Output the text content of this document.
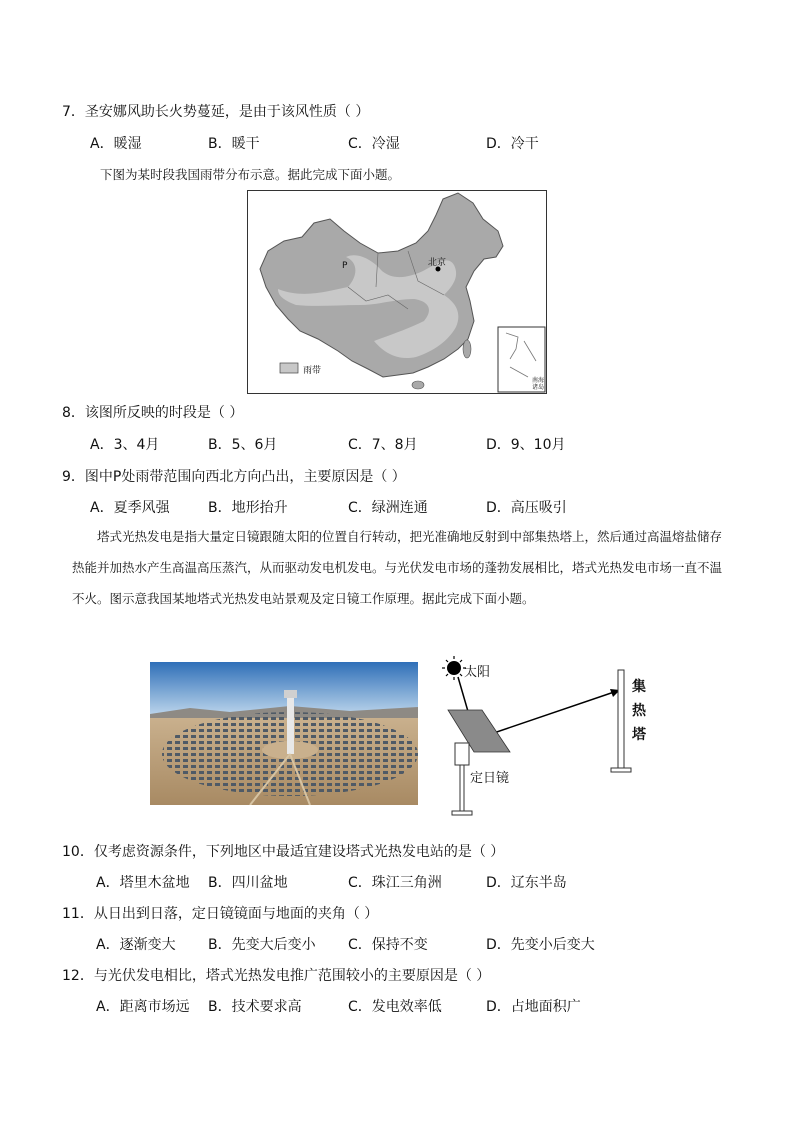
7．圣安娜风助长火势蔓延，是由于该风性质（ ）
A．暖湿	B．暖干	C．冷湿	D．冷干
下图为某时段我国雨带分布示意。据此完成下面小题。
北京
P
雨带
南海诸岛
8．该图所反映的时段是（ ）
A．3、4月	B．5、6月	C．7、8月	D．9、10月
9．图中P处雨带范围向西北方向凸出，主要原因是（ ）
A．夏季风强	B．地形抬升	C．绿洲连通	D．高压吸引
塔式光热发电是指大量定日镜跟随太阳的位置自行转动，把光准确地反射到中部集热塔上，然后通过高温熔盐储存热能并加热水产生高温高压蒸汽，从而驱动发电机发电。与光伏发电市场的蓬勃发展相比，塔式光热发电市场一直不温不火。图示意我国某地塔式光热发电站景观及定日镜工作原理。据此完成下面小题。
太阳
定日镜
集热塔
10．仅考虑资源条件，下列地区中最适宜建设塔式光热发电站的是（ ）
A．塔里木盆地 B．四川盆地	C．珠江三角洲	D．辽东半岛
11．从日出到日落，定日镜镜面与地面的夹角（ ）
A．逐渐变大 B．先变大后变小 C．保持不变	D．先变小后变大
12．与光伏发电相比，塔式光热发电推广范围较小的主要原因是（ ）
A．距离市场远 B．技术要求高	C．发电效率低	D．占地面积广
